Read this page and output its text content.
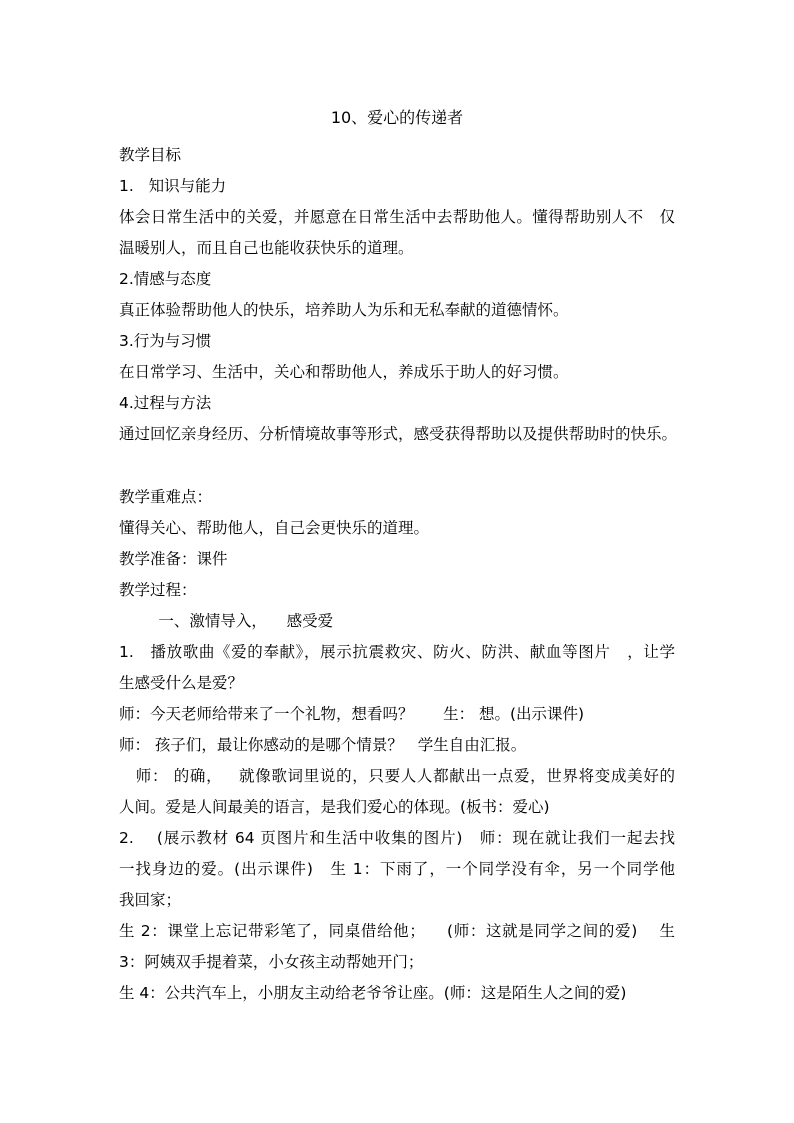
10、爱心的传递者
教学目标
1.   知识与能力
体会日常生活中的关爱，并愿意在日常生活中去帮助他人。懂得帮助别人不   仅
温暖别人，而且自己也能收获快乐的道理。
2.情感与态度
真正体验帮助他人的快乐，培养助人为乐和无私奉献的道德情怀。
3.行为与习惯
在日常学习、生活中，关心和帮助他人，养成乐于助人的好习惯。
4.过程与方法
通过回忆亲身经历、分析情境故事等形式，感受获得帮助以及提供帮助时的快乐。
教学重难点：
懂得关心、帮助他人，自己会更快乐的道理。
教学准备：课件
教学过程：
一、激情导入，    感受爱
1.   播放歌曲《爱的奉献》，展示抗震救灾、防火、防洪、献血等图片   ，让学
生感受什么是爱？
师：今天老师给带来了一个礼物，想看吗？      生： 想。(出示课件)
师： 孩子们，最让你感动的是哪个情景？   学生自由汇报。
师： 的确，   就像歌词里说的，只要人人都献出一点爱，世界将变成美好的
人间。爱是人间最美的语言，是我们爱心的体现。(板书：爱心)
2.    (展示教材 64 页图片和生活中收集的图片)   师：现在就让我们一起去找
一找身边的爱。(出示课件)   生 1：下雨了，一个同学没有伞，另一个同学他
我回家；
生 2：课堂上忘记带彩笔了，同桌借给他；    (师：这就是同学之间的爱)    生
3：阿姨双手提着菜，小女孩主动帮她开门；
生 4：公共汽车上，小朋友主动给老爷爷让座。(师：这是陌生人之间的爱)
